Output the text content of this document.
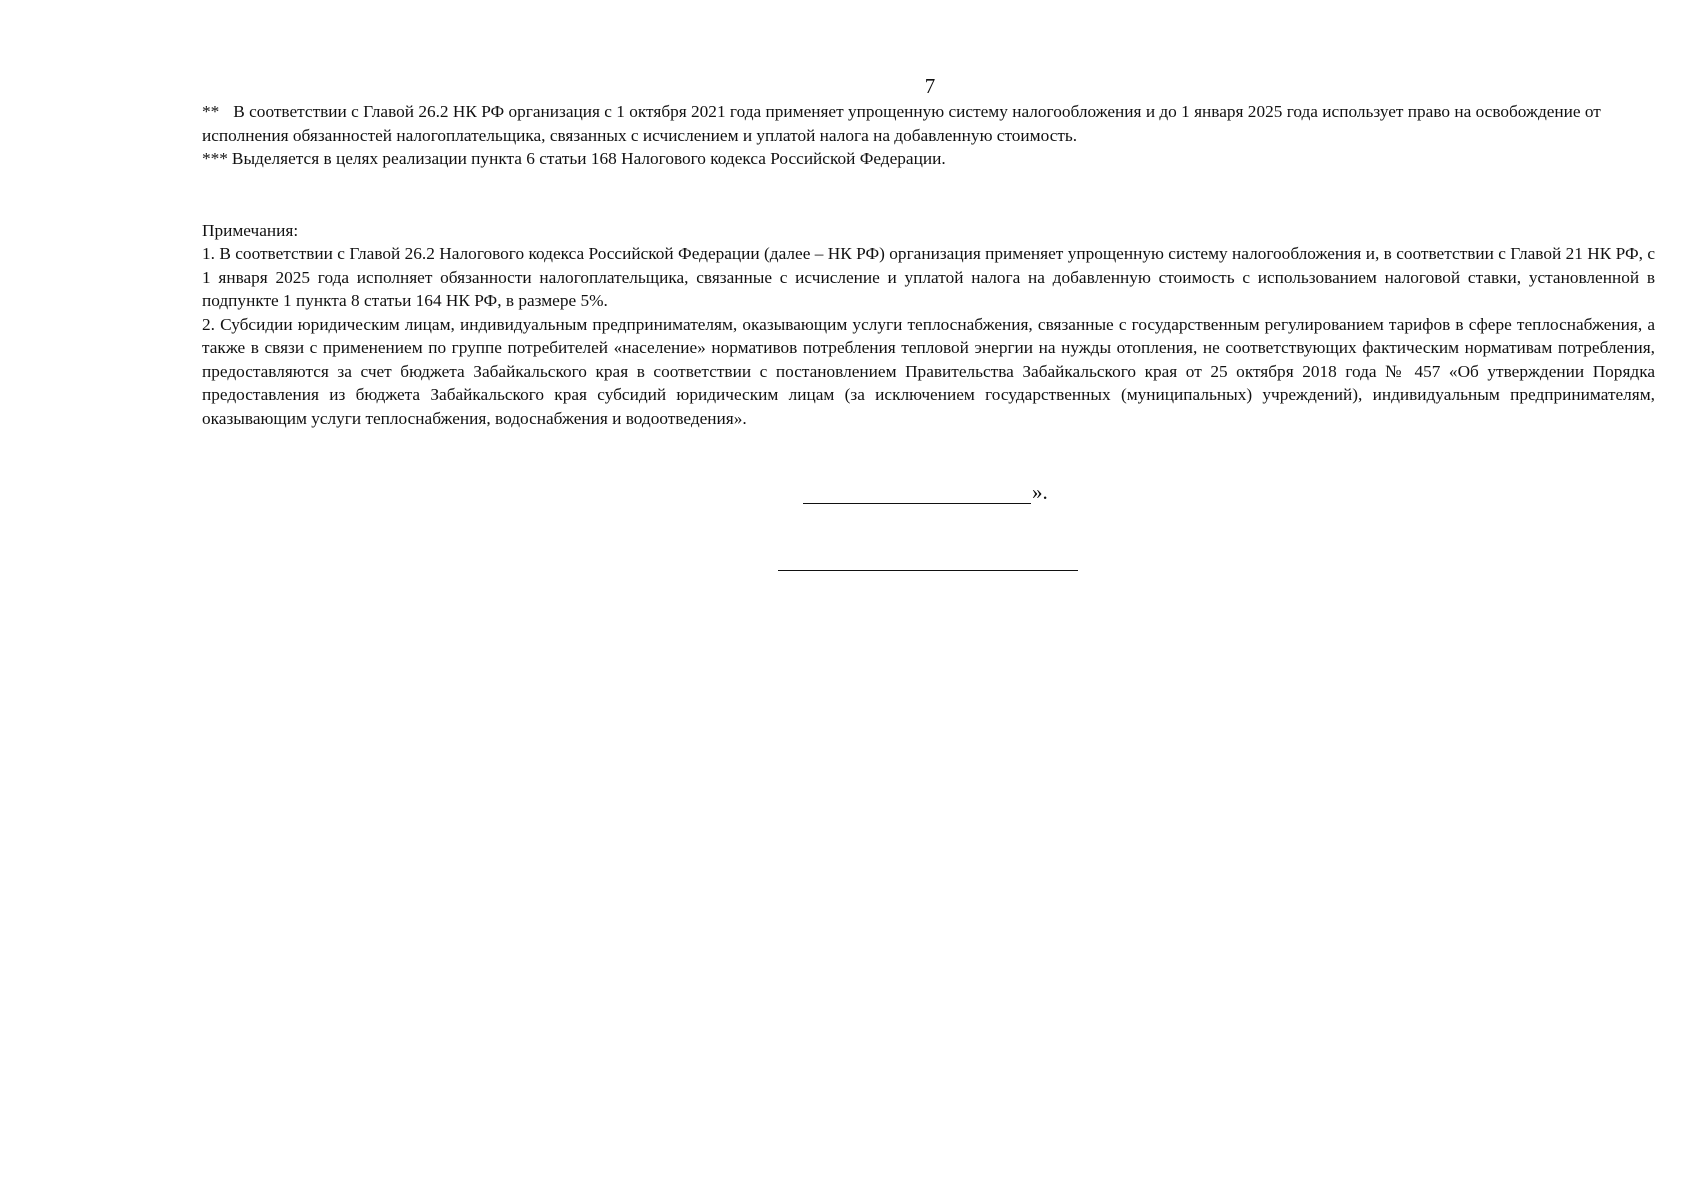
7

** В соответствии с Главой 26.2 НК РФ организация с 1 октября 2021 года применяет упрощенную систему налогообложения и до 1 января 2025 года использует право на освобождение от исполнения обязанностей налогоплательщика, связанных с исчислением и уплатой налога на добавленную стоимость.

*** Выделяется в целях реализации пункта 6 статьи 168 Налогового кодекса Российской Федерации.

Примечания:

1. В соответствии с Главой 26.2 Налогового кодекса Российской Федерации (далее – НК РФ) организация применяет упрощенную систему налогообложения и, в соответствии с Главой 21 НК РФ, с 1 января 2025 года исполняет обязанности налогоплательщика, связанные с исчисление и уплатой налога на добавленную стоимость с использованием налоговой ставки, установленной в подпункте 1 пункта 8 статьи 164 НК РФ, в размере 5%.

2. Субсидии юридическим лицам, индивидуальным предпринимателям, оказывающим услуги теплоснабжения, связанные с государственным регулированием тарифов в сфере теплоснабжения, а также в связи с применением по группе потребителей «население» нормативов потребления тепловой энергии на нужды отопления, не соответствующих фактическим нормативам потребления, предоставляются за счет бюджета Забайкальского края в соответствии с постановлением Правительства Забайкальского края от 25 октября 2018 года № 457 «Об утверждении Порядка предоставления из бюджета Забайкальского края субсидий юридическим лицам (за исключением государственных (муниципальных) учреждений), индивидуальным предпринимателям, оказывающим услуги теплоснабжения, водоснабжения и водоотведения».

».
